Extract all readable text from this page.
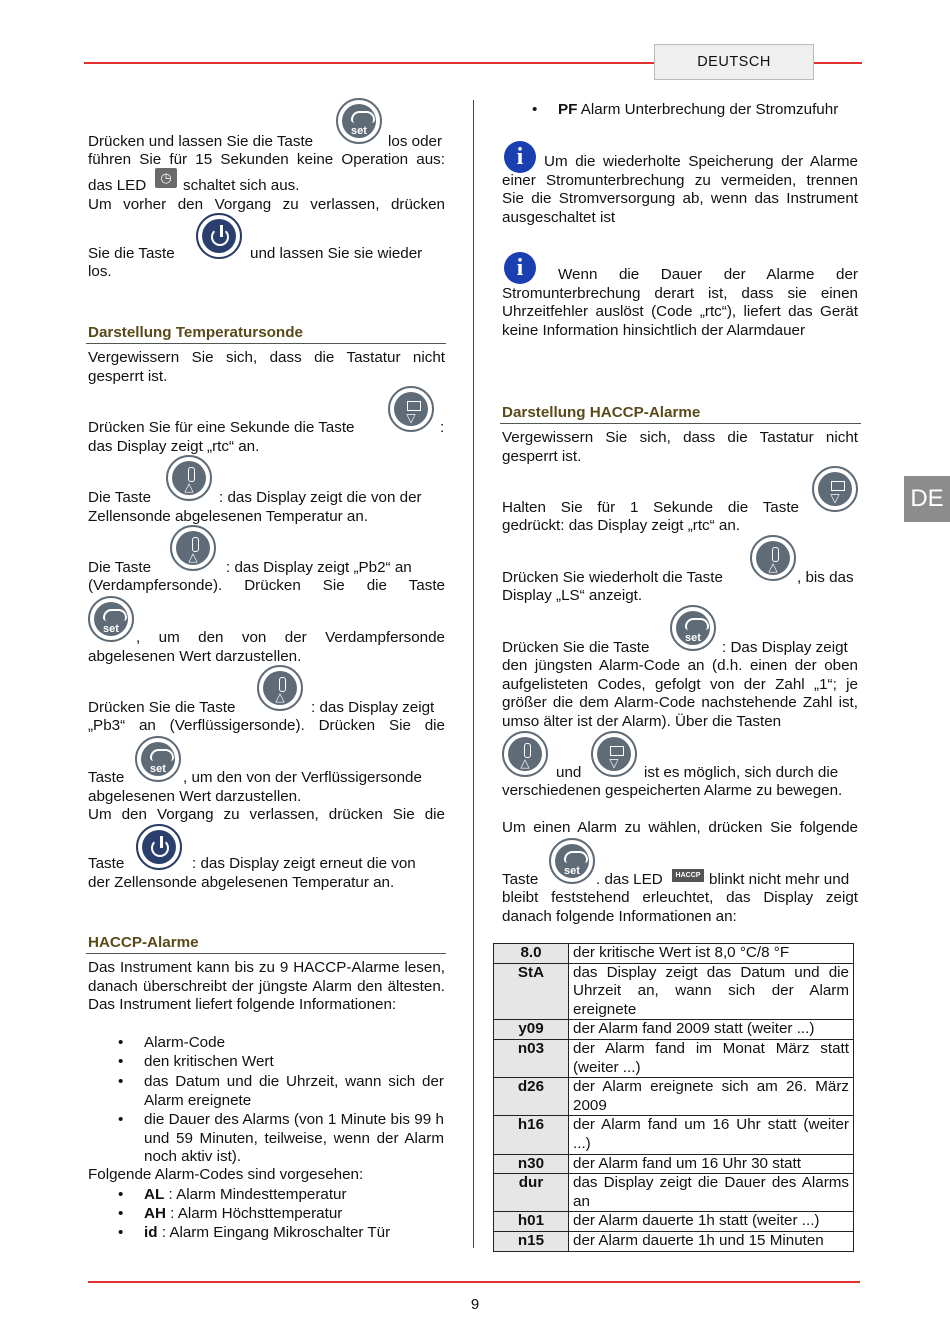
DEUTSCH
DE
set
Drücken und lassen Sie die Taste	los oder
führen Sie für 15 Sekunden keine Operation aus:
das LED	◷ schaltet sich aus.
Um vorher den Vorgang zu verlassen, drücken
Sie die Taste	und lassen Sie sie wieder
los.
Darstellung Temperatursonde
Vergewissern Sie sich, dass die Tastatur nicht gesperrt ist.
▽
Drücken Sie für eine Sekunde die Taste	:
das Display zeigt „rtc“ an.
△
Die Taste	: das Display zeigt die von der
Zellensonde abgelesenen Temperatur an.
△
Die Taste	: das Display zeigt „Pb2“ an
(Verdampfersonde). Drücken Sie die Taste
set	, um den von der Verdampfersonde
abgelesenen Wert darzustellen.
△
Drücken Sie die Taste	: das Display zeigt
„Pb3“ an (Verflüssigersonde). Drücken Sie die
set
Taste	, um den von der Verflüssigersonde
abgelesenen Wert darzustellen.
Um den Vorgang zu verlassen, drücken Sie die
Taste	: das Display zeigt erneut die von
der Zellensonde abgelesenen Temperatur an.
HACCP-Alarme
Das Instrument kann bis zu 9 HACCP-Alarme lesen, danach überschreibt der jüngste Alarm den ältesten. Das Instrument liefert folgende Informationen:
• Alarm-Code
• den kritischen Wert
• das Datum und die Uhrzeit, wann sich der Alarm ereignete
• die Dauer des Alarms (von 1 Minute bis 99 h und 59 Minuten, teilweise, wenn der Alarm noch aktiv ist).
Folgende Alarm-Codes sind vorgesehen:
• AL : Alarm Mindesttemperatur
• AH : Alarm Höchsttemperatur
• id : Alarm Eingang Mikroschalter Tür
• PF Alarm Unterbrechung der Stromzufuhr
i	Um die wiederholte Speicherung der Alarme einer Stromunterbrechung zu vermeiden, trennen Sie die Stromversorgung ab, wenn das Instrument ausgeschaltet ist
i	Wenn die Dauer der Alarme der Stromunterbrechung derart ist, dass sie einen Uhrzeitfehler auslöst (Code „rtc“), liefert das Gerät keine Information hinsichtlich der Alarmdauer
Darstellung HACCP-Alarme
Vergewissern Sie sich, dass die Tastatur nicht gesperrt ist.
▽
Halten Sie für 1 Sekunde die Taste
gedrückt: das Display zeigt „rtc“ an.
△
Drücken Sie wiederholt die Taste	, bis das
Display „LS“ anzeigt.
set
Drücken Sie die Taste	: Das Display zeigt
den jüngsten Alarm-Code an (d.h. einen der oben aufgelisteten Codes, gefolgt von der Zahl „1“; je größer die dem Alarm-Code nachstehende Zahl ist, umso älter ist der Alarm). Über die Tasten
△
und
▽	ist es möglich, sich durch die
verschiedenen gespeicherten Alarme zu bewegen.
Um einen Alarm zu wählen, drücken Sie folgende
set
Taste	. das LED	HACCP blinkt nicht mehr und
bleibt feststehend erleuchtet, das Display zeigt danach folgende Informationen an:
8.0	der kritische Wert ist 8,0 °C/8 °F
StA	das Display zeigt das Datum und die Uhrzeit an, wann sich der Alarm ereignete
y09	der Alarm fand 2009 statt (weiter ...)
n03	der Alarm fand im Monat März statt (weiter ...)
d26	der Alarm ereignete sich am 26. März 2009
h16	der Alarm fand um 16 Uhr statt (weiter ...)
n30	der Alarm fand um 16 Uhr 30 statt
dur	das Display zeigt die Dauer des Alarms an
h01	der Alarm dauerte 1h statt (weiter ...)
n15	der Alarm dauerte 1h und 15 Minuten
9
